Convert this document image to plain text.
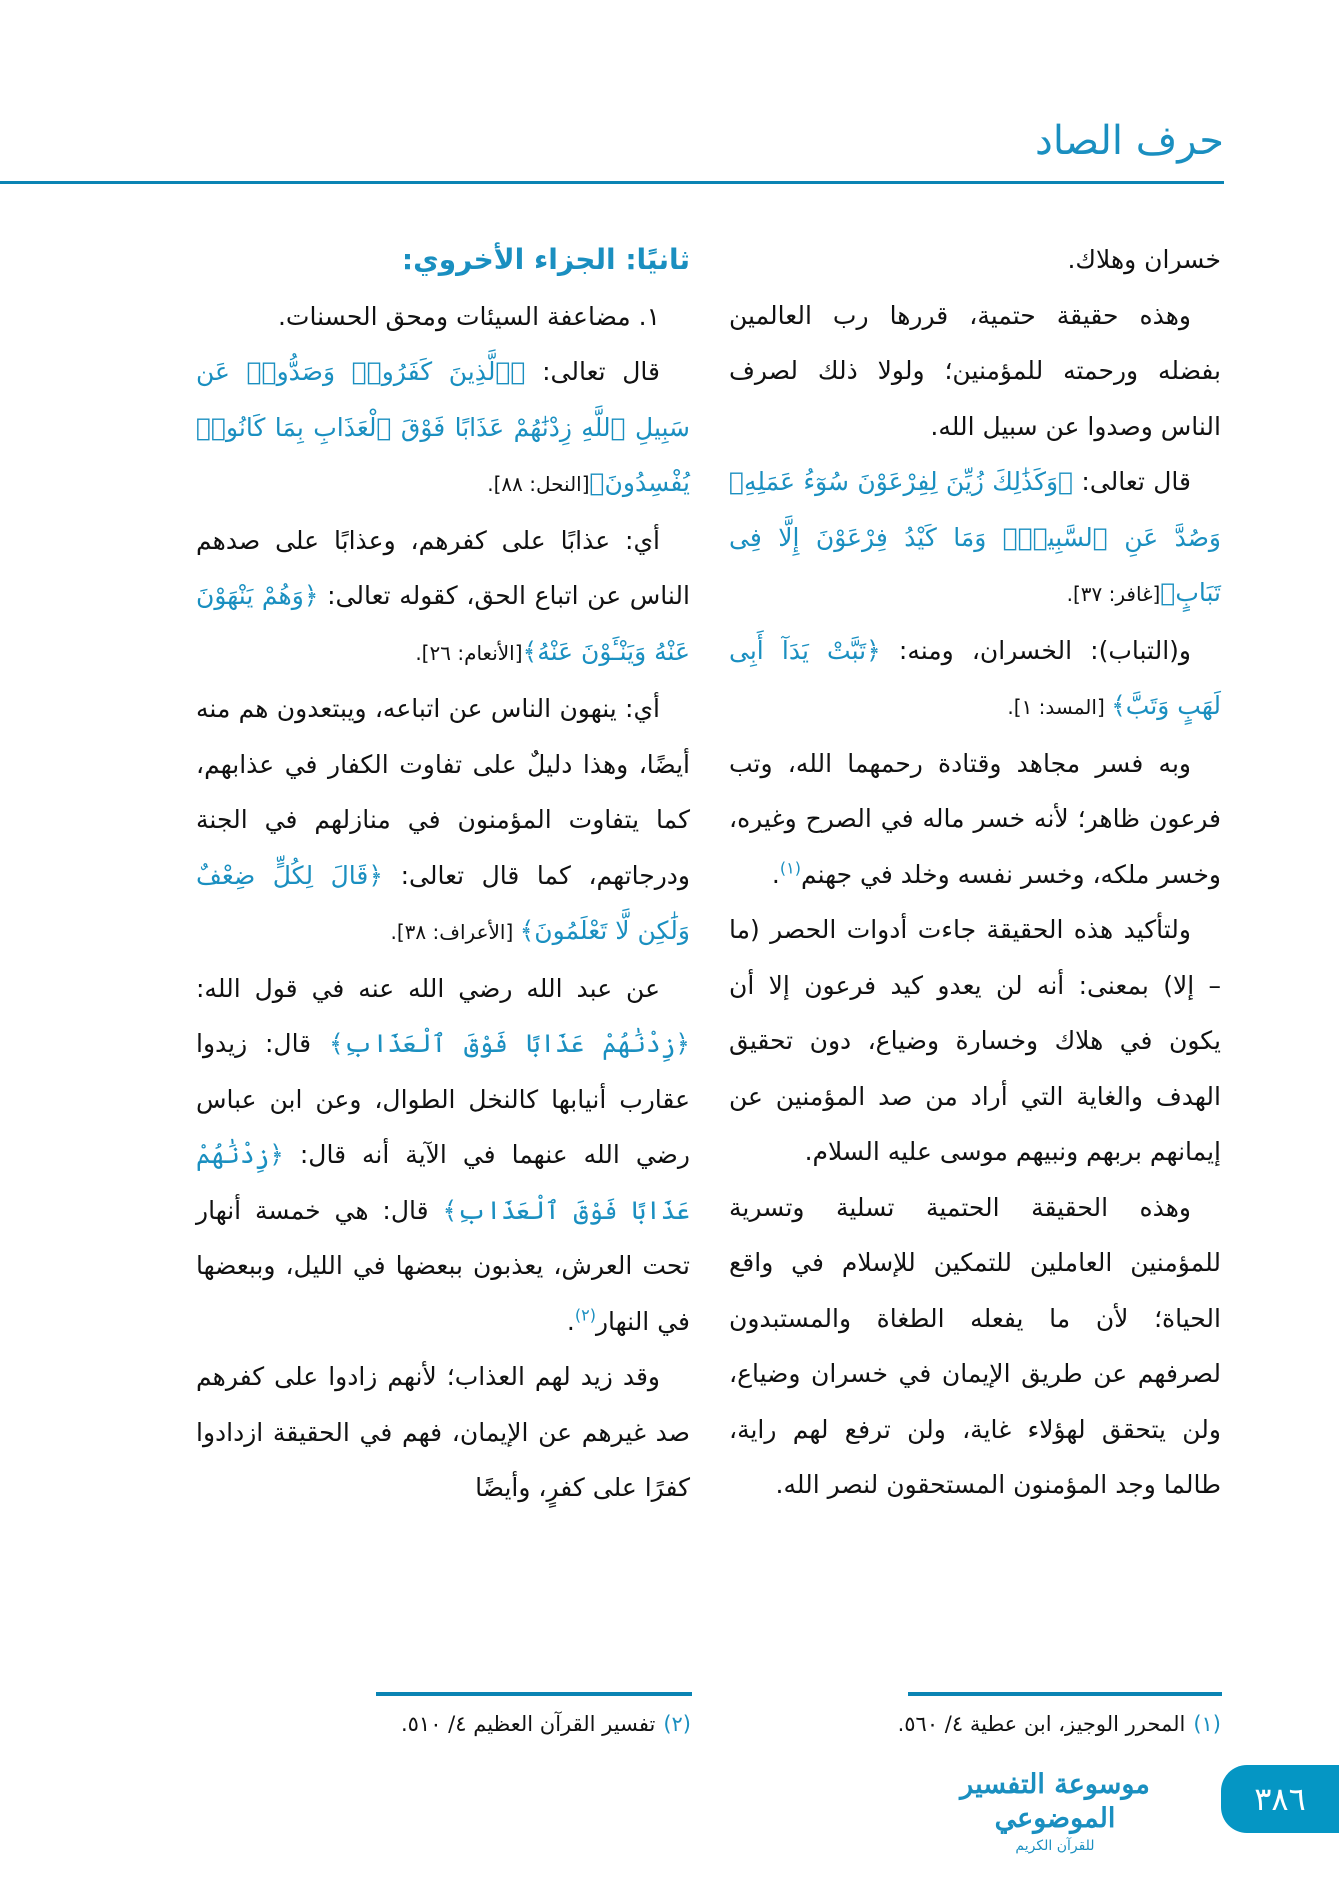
حرف الصاد

خسران وهلاك.

وهذه حقيقة حتمية، قررها رب العالمين بفضله ورحمته للمؤمنين؛ ولولا ذلك لصرف الناس وصدوا عن سبيل الله.

قال تعالى: ﴿وَكَذَٰلِكَ زُيِّنَ لِفِرْعَوْنَ سُوٓءُ عَمَلِهِۦ وَصُدَّ عَنِ ٱلسَّبِيلِۚ وَمَا كَيْدُ فِرْعَوْنَ إِلَّا فِى تَبَابٍ﴾[غافر: ٣٧].

و(التباب): الخسران، ومنه: ﴿تَبَّتْ يَدَآ أَبِى لَهَبٍ وَتَبَّ﴾ [المسد: ١].

وبه فسر مجاهد وقتادة رحمهما الله، وتب فرعون ظاهر؛ لأنه خسر ماله في الصرح وغيره، وخسر ملكه، وخسر نفسه وخلد في جهنم$^{(١)}$.

ولتأكيد هذه الحقيقة جاءت أدوات الحصر (ما – إلا) بمعنى: أنه لن يعدو كيد فرعون إلا أن يكون في هلاك وخسارة وضياع، دون تحقيق الهدف والغاية التي أراد من صد المؤمنين عن إيمانهم بربهم ونبيهم موسى عليه السلام.

وهذه الحقيقة الحتمية تسلية وتسرية للمؤمنين العاملين للتمكين للإسلام في واقع الحياة؛ لأن ما يفعله الطغاة والمستبدون لصرفهم عن طريق الإيمان في خسران وضياع، ولن يتحقق لهؤلاء غاية، ولن ترفع لهم راية، طالما وجد المؤمنون المستحقون لنصر الله.

ثانيًا: الجزاء الأخروي:

١. مضاعفة السيئات ومحق الحسنات.

قال تعالى: ﴿ٱلَّذِينَ كَفَرُوا۟ وَصَدُّوا۟ عَن سَبِيلِ ٱللَّهِ زِدْنَٰهُمْ عَذَابًا فَوْقَ ٱلْعَذَابِ بِمَا كَانُوا۟ يُفْسِدُونَ﴾[النحل: ٨٨].

أي: عذابًا على كفرهم، وعذابًا على صدهم الناس عن اتباع الحق، كقوله تعالى: ﴿وَهُمْ يَنْهَوْنَ عَنْهُ وَيَنْـَٔوْنَ عَنْهُ﴾[الأنعام: ٢٦].

أي: ينهون الناس عن اتباعه، ويبتعدون هم منه أيضًا، وهذا دليلٌ على تفاوت الكفار في عذابهم، كما يتفاوت المؤمنون في منازلهم في الجنة ودرجاتهم، كما قال تعالى: ﴿قَالَ لِكُلٍّ ضِعْفٌ وَلَٰكِن لَّا تَعْلَمُونَ﴾ [الأعراف: ٣٨].

عن عبد الله رضي الله عنه في قول الله: ﴿زِدْنَٰهُمْ عَذَابًا فَوْقَ ٱلْعَذَابِ﴾ قال: زيدوا عقارب أنيابها كالنخل الطوال، وعن ابن عباس رضي الله عنهما في الآية أنه قال: ﴿زِدْنَٰهُمْ عَذَابًا فَوْقَ ٱلْعَذَابِ﴾ قال: هي خمسة أنهار تحت العرش، يعذبون ببعضها في الليل، وببعضها في النهار$^{(٢)}$.

وقد زيد لهم العذاب؛ لأنهم زادوا على كفرهم صد غيرهم عن الإيمان، فهم في الحقيقة ازدادوا كفرًا على كفرٍ، وأيضًا

(١)المحرر الوجيز، ابن عطية ٤/ ٥٦٠.
(٢)تفسير القرآن العظيم ٤/ ٥١٠.
موسوعة التفسير الموضوعي
للقرآن الكريم
٣٨٦
